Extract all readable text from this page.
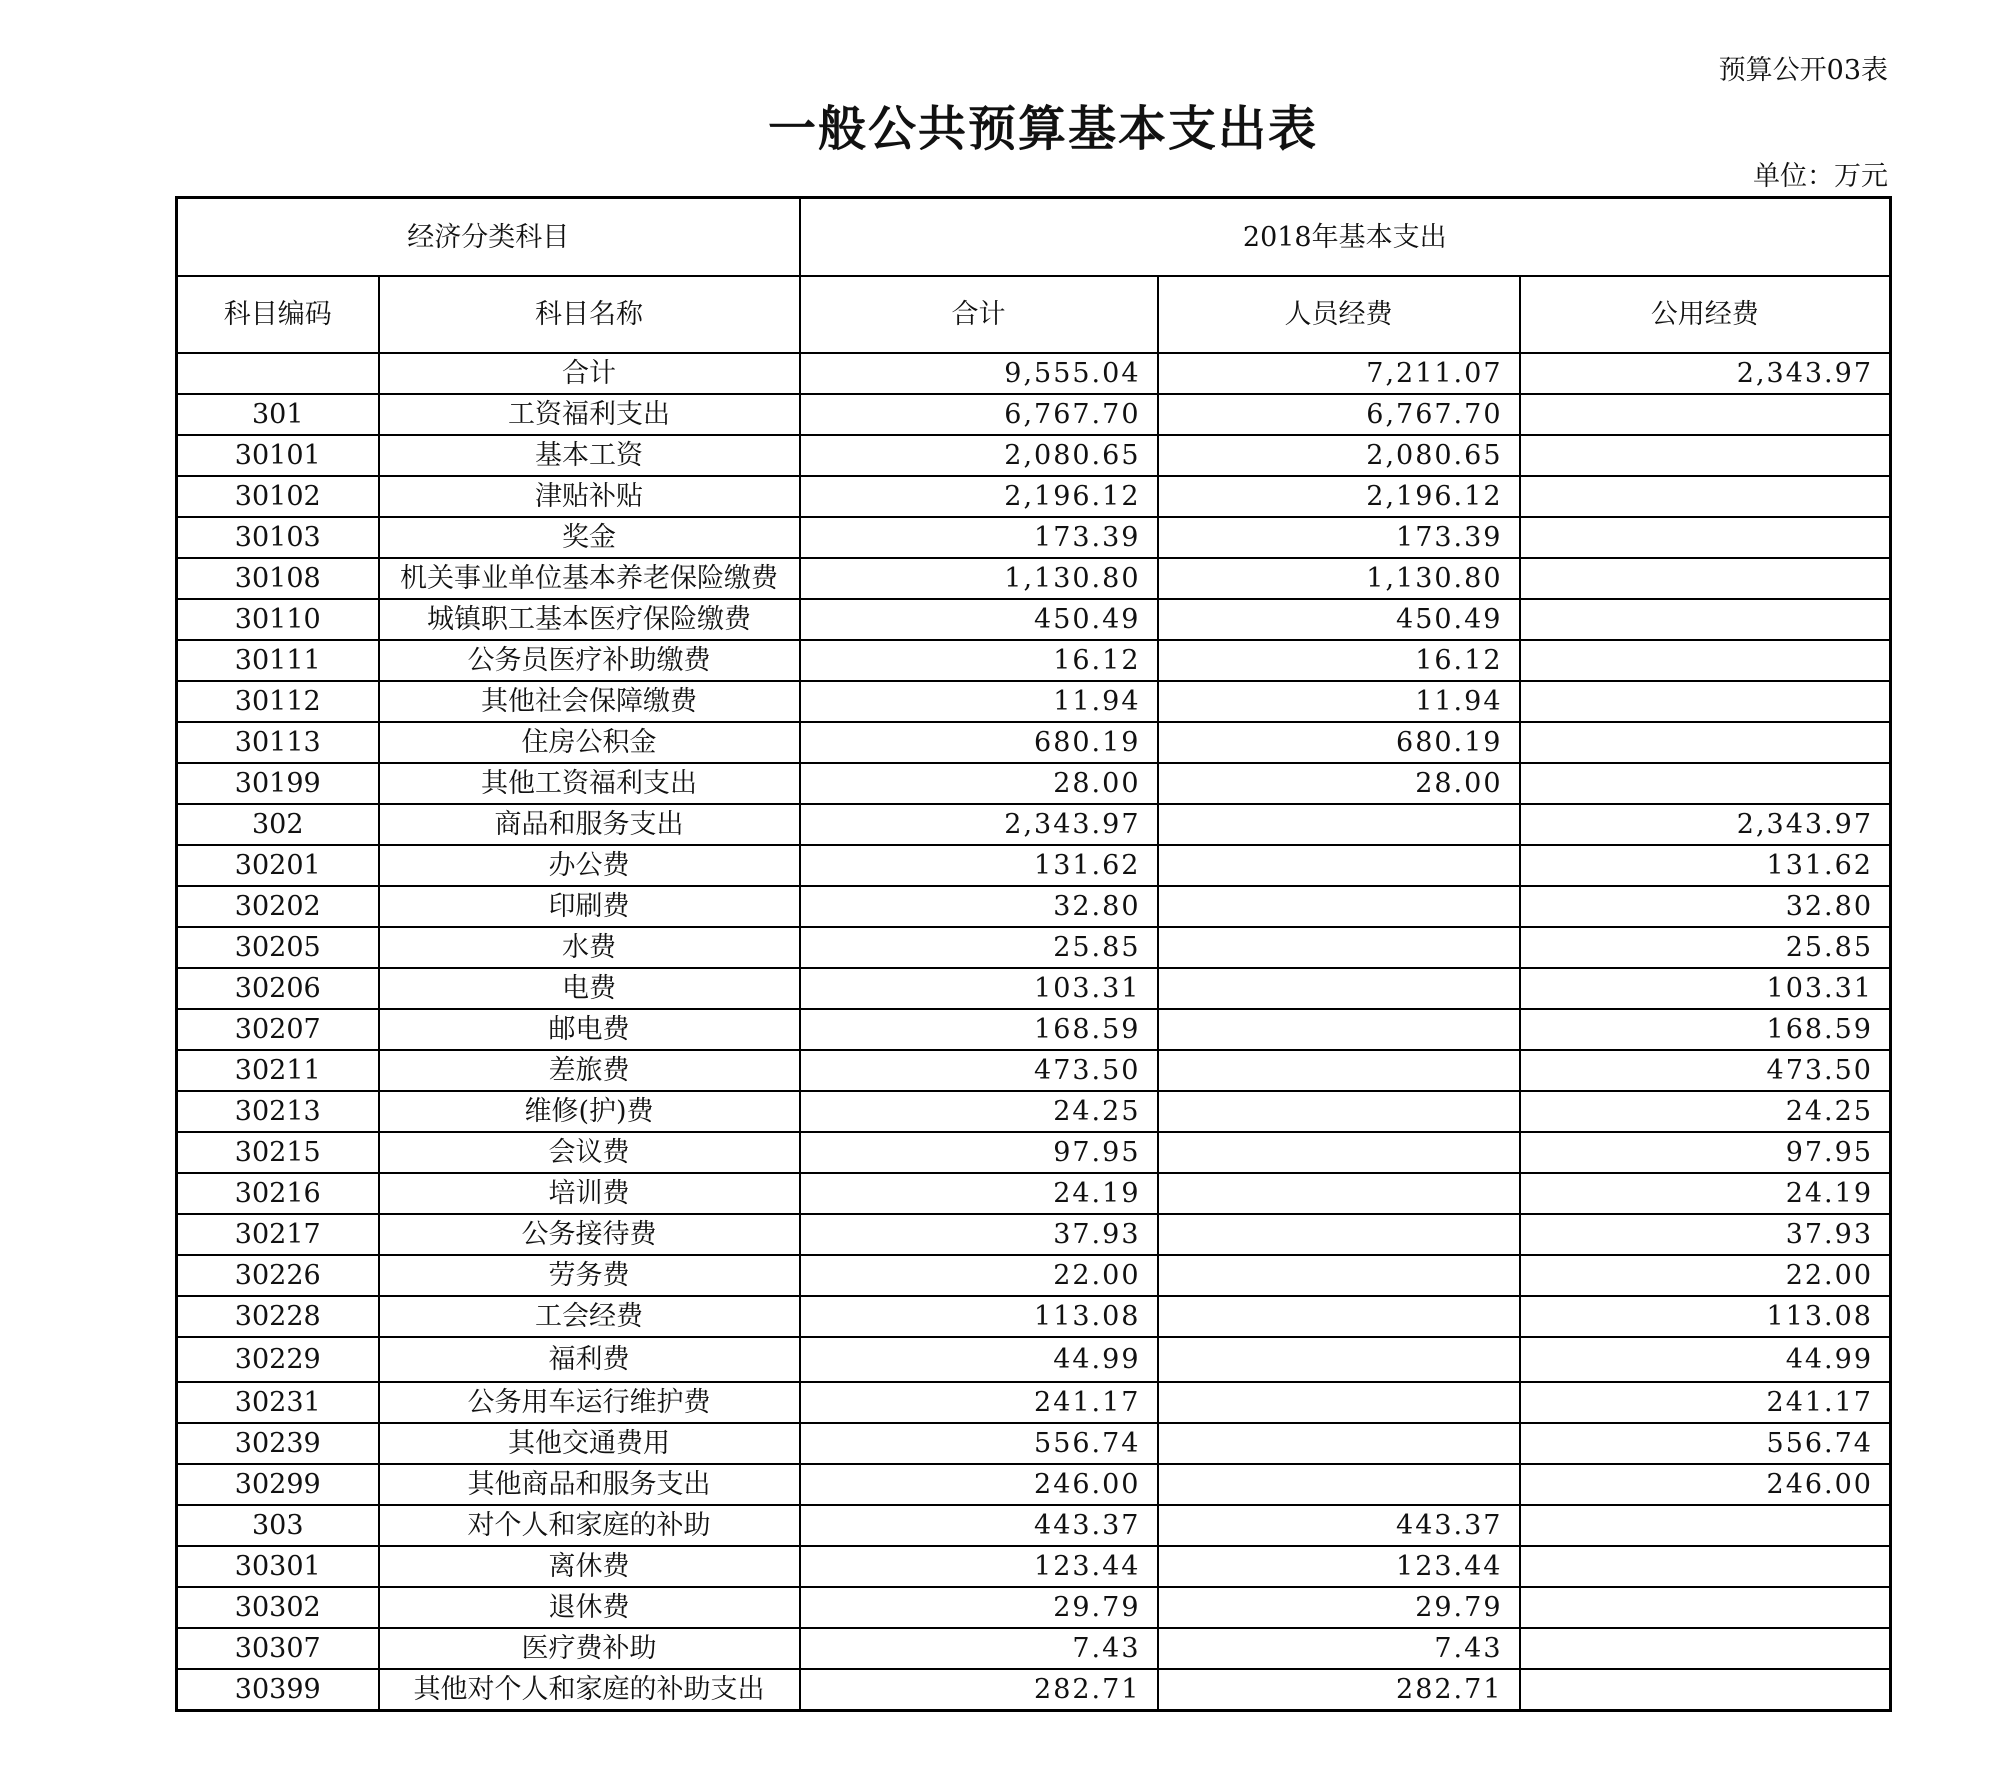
预算公开03表
一般公共预算基本支出表
单位：万元
经济分类科目		2018年基本支出		
科目编码	科目名称	合计	人员经费	公用经费
	合计	9,555.04	7,211.07	2,343.97
301	工资福利支出	6,767.70	6,767.70	
30101	基本工资	2,080.65	2,080.65	
30102	津贴补贴	2,196.12	2,196.12	
30103	奖金	173.39	173.39	
30108	机关事业单位基本养老保险缴费	1,130.80	1,130.80	
30110	城镇职工基本医疗保险缴费	450.49	450.49	
30111	公务员医疗补助缴费	16.12	16.12	
30112	其他社会保障缴费	11.94	11.94	
30113	住房公积金	680.19	680.19	
30199	其他工资福利支出	28.00	28.00	
302	商品和服务支出	2,343.97		2,343.97
30201	办公费	131.62		131.62
30202	印刷费	32.80		32.80
30205	水费	25.85		25.85
30206	电费	103.31		103.31
30207	邮电费	168.59		168.59
30211	差旅费	473.50		473.50
30213	维修(护)费	24.25		24.25
30215	会议费	97.95		97.95
30216	培训费	24.19		24.19
30217	公务接待费	37.93		37.93
30226	劳务费	22.00		22.00
30228	工会经费	113.08		113.08
30229	福利费	44.99		44.99
30231	公务用车运行维护费	241.17		241.17
30239	其他交通费用	556.74		556.74
30299	其他商品和服务支出	246.00		246.00
303	对个人和家庭的补助	443.37	443.37	
30301	离休费	123.44	123.44	
30302	退休费	29.79	29.79	
30307	医疗费补助	7.43	7.43	
30399	其他对个人和家庭的补助支出	282.71	282.71	
